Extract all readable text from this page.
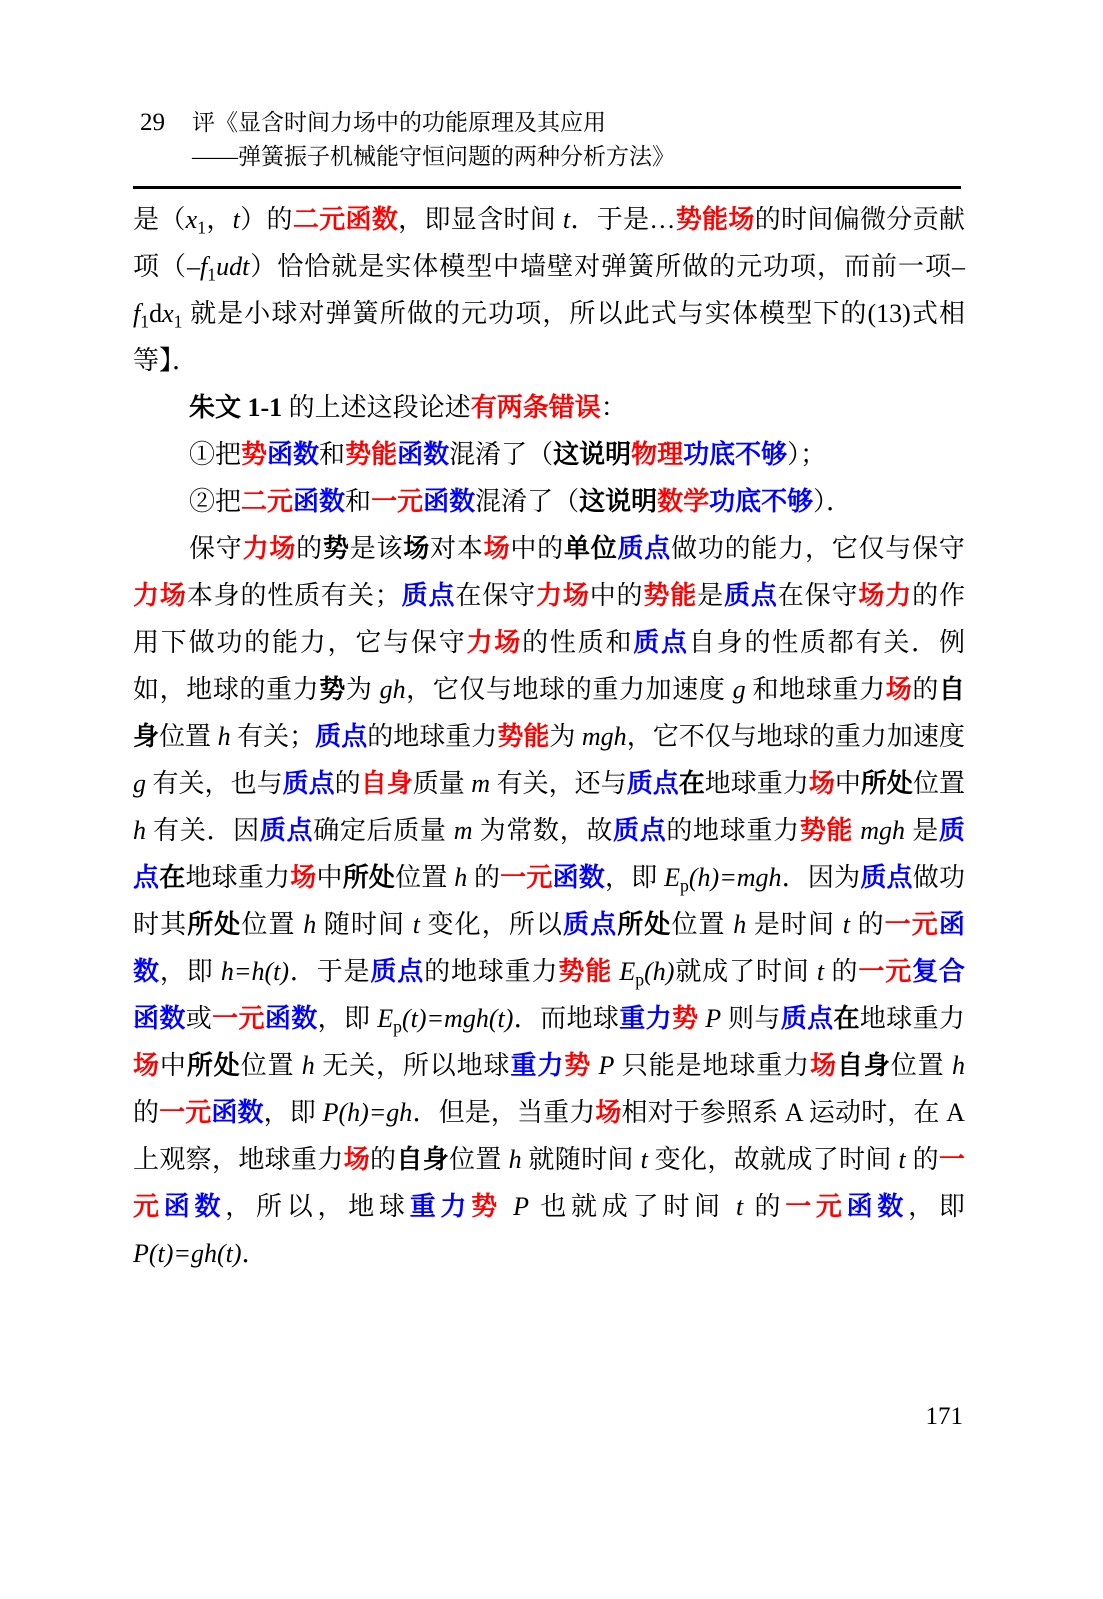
29 评《显含时间力场中的功能原理及其应用
——弹簧振子机械能守恒问题的两种分析方法》

是（$x_1$，t）的二元函数，即显含时间 t．于是…势能场的时间偏微分贡献项$(-f_1udt)$恰恰就是实体模型中墙壁对弹簧所做的元功项，而前一项$-f_1dx_1$ 就是小球对弹簧所做的元功项，所以此式与实体模型下的(13)式相等】．

朱文 1-1 的上述这段论述有两条错误：

①把势函数和势能函数混淆了（这说明物理功底不够）；

②把二元函数和一元函数混淆了（这说明数学功底不够）．

保守力场的势是该场对本场中的单位质点做功的能力，它仅与保守力场本身的性质有关；质点在保守力场中的势能是质点在保守场力的作用下做功的能力，它与保守力场的性质和质点自身的性质都有关．例如，地球的重力势为 gh，它仅与地球的重力加速度 g 和地球重力场的自身位置 h 有关；质点的地球重力势能为 mgh，它不仅与地球的重力加速度 g 有关，也与质点的自身质量 m 有关，还与质点在地球重力场中所处位置 h 有关．因质点确定后质量 m 为常数，故质点的地球重力势能 mgh 是质点在地球重力场中所处位置 h 的一元函数，即 $E_p(h)=mgh$．因为质点做功时其所处位置 h 随时间 t 变化，所以质点所处位置 h 是时间 t 的一元函数，即 h=h(t)．于是质点的地球重力势能 $E_p(h)$就成了时间 t 的一元复合函数或一元函数，即 $E_p(t)=mgh(t)$．而地球重力势 P 则与质点在地球重力场中所处位置 h 无关，所以地球重力势 P 只能是地球重力场自身位置 h 的一元函数，即 P(h)=gh．但是，当重力场相对于参照系 A 运动时，在 A 上观察，地球重力场的自身位置 h 就随时间 t 变化，故就成了时间 t 的一元函数，所以，地球重力势 P 也就成了时间 t 的一元函数，即 P(t)=gh(t)．

171
